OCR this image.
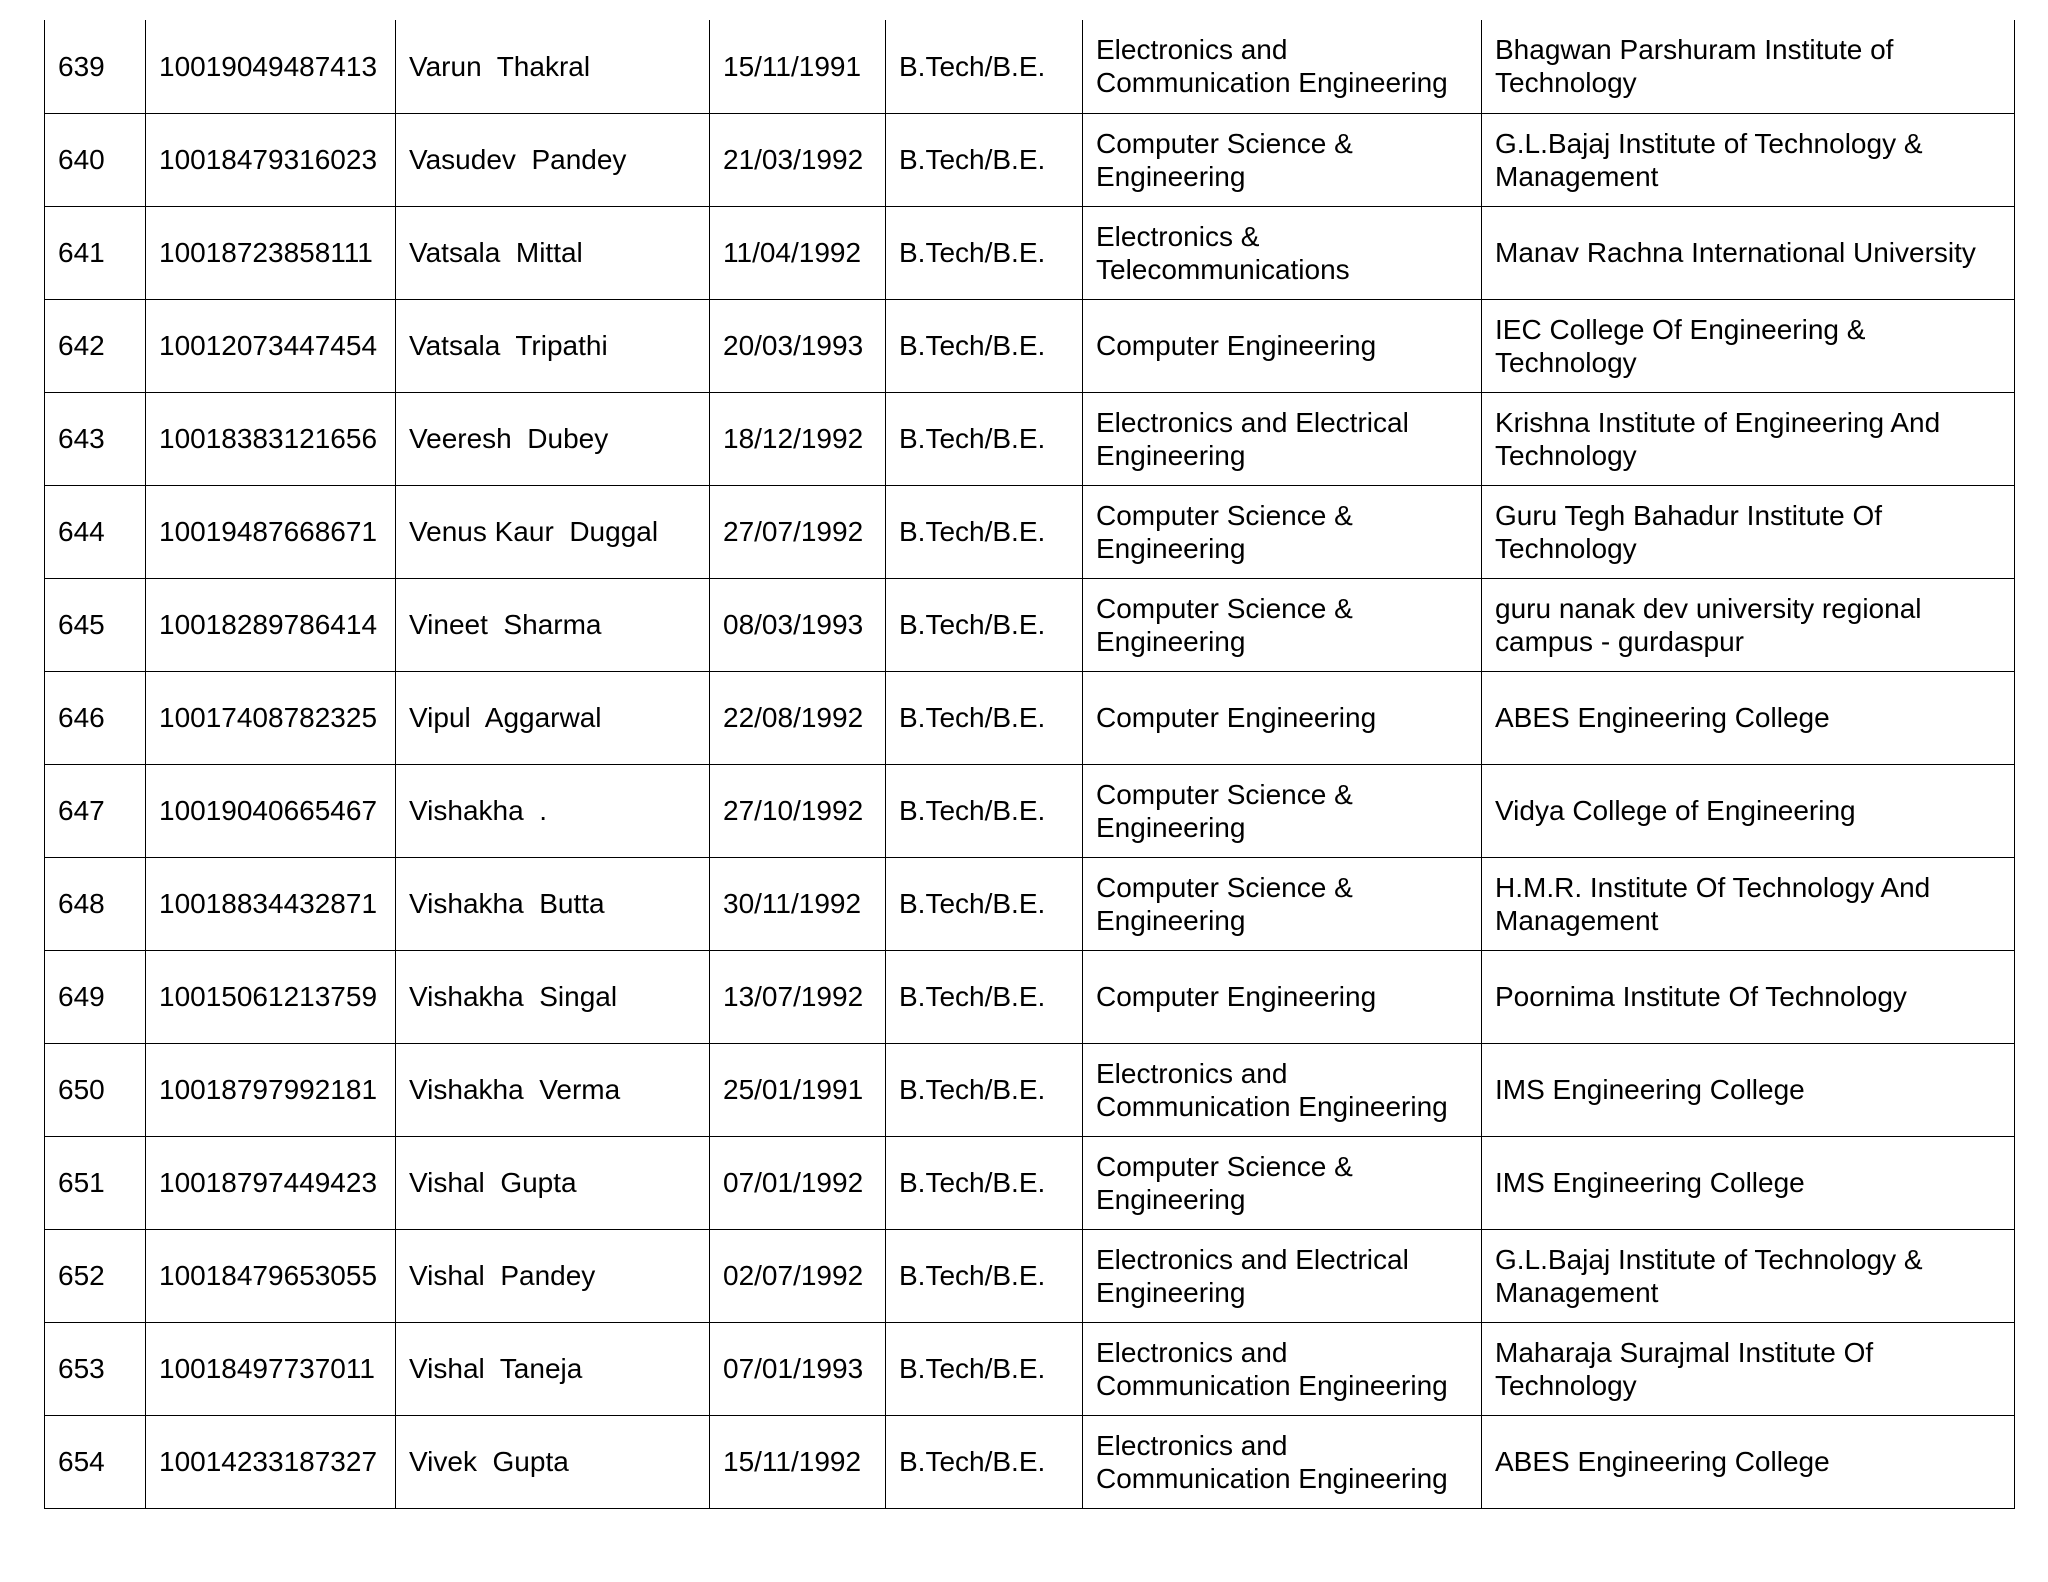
639	10019049487413	Varun  Thakral	15/11/1991	B.Tech/B.E.	Electronics and Communication Engineering	Bhagwan Parshuram Institute of Technology
640	10018479316023	Vasudev  Pandey	21/03/1992	B.Tech/B.E.	Computer Science & Engineering	G.L.Bajaj Institute of Technology & Management
641	10018723858111	Vatsala  Mittal	11/04/1992	B.Tech/B.E.	Electronics & Telecommunications	Manav Rachna International University
642	10012073447454	Vatsala  Tripathi	20/03/1993	B.Tech/B.E.	Computer Engineering	IEC College Of Engineering & Technology
643	10018383121656	Veeresh  Dubey	18/12/1992	B.Tech/B.E.	Electronics and Electrical Engineering	Krishna Institute of Engineering And Technology
644	10019487668671	Venus Kaur  Duggal	27/07/1992	B.Tech/B.E.	Computer Science & Engineering	Guru Tegh Bahadur Institute Of Technology
645	10018289786414	Vineet  Sharma	08/03/1993	B.Tech/B.E.	Computer Science & Engineering	guru nanak dev university regional campus - gurdaspur
646	10017408782325	Vipul  Aggarwal	22/08/1992	B.Tech/B.E.	Computer Engineering	ABES Engineering College
647	10019040665467	Vishakha  .	27/10/1992	B.Tech/B.E.	Computer Science & Engineering	Vidya College of Engineering
648	10018834432871	Vishakha  Butta	30/11/1992	B.Tech/B.E.	Computer Science & Engineering	H.M.R. Institute Of Technology And Management
649	10015061213759	Vishakha  Singal	13/07/1992	B.Tech/B.E.	Computer Engineering	Poornima Institute Of Technology
650	10018797992181	Vishakha  Verma	25/01/1991	B.Tech/B.E.	Electronics and Communication Engineering	IMS Engineering College
651	10018797449423	Vishal  Gupta	07/01/1992	B.Tech/B.E.	Computer Science & Engineering	IMS Engineering College
652	10018479653055	Vishal  Pandey	02/07/1992	B.Tech/B.E.	Electronics and Electrical Engineering	G.L.Bajaj Institute of Technology & Management
653	10018497737011	Vishal  Taneja	07/01/1993	B.Tech/B.E.	Electronics and Communication Engineering	Maharaja Surajmal Institute Of Technology
654	10014233187327	Vivek  Gupta	15/11/1992	B.Tech/B.E.	Electronics and Communication Engineering	ABES Engineering College
